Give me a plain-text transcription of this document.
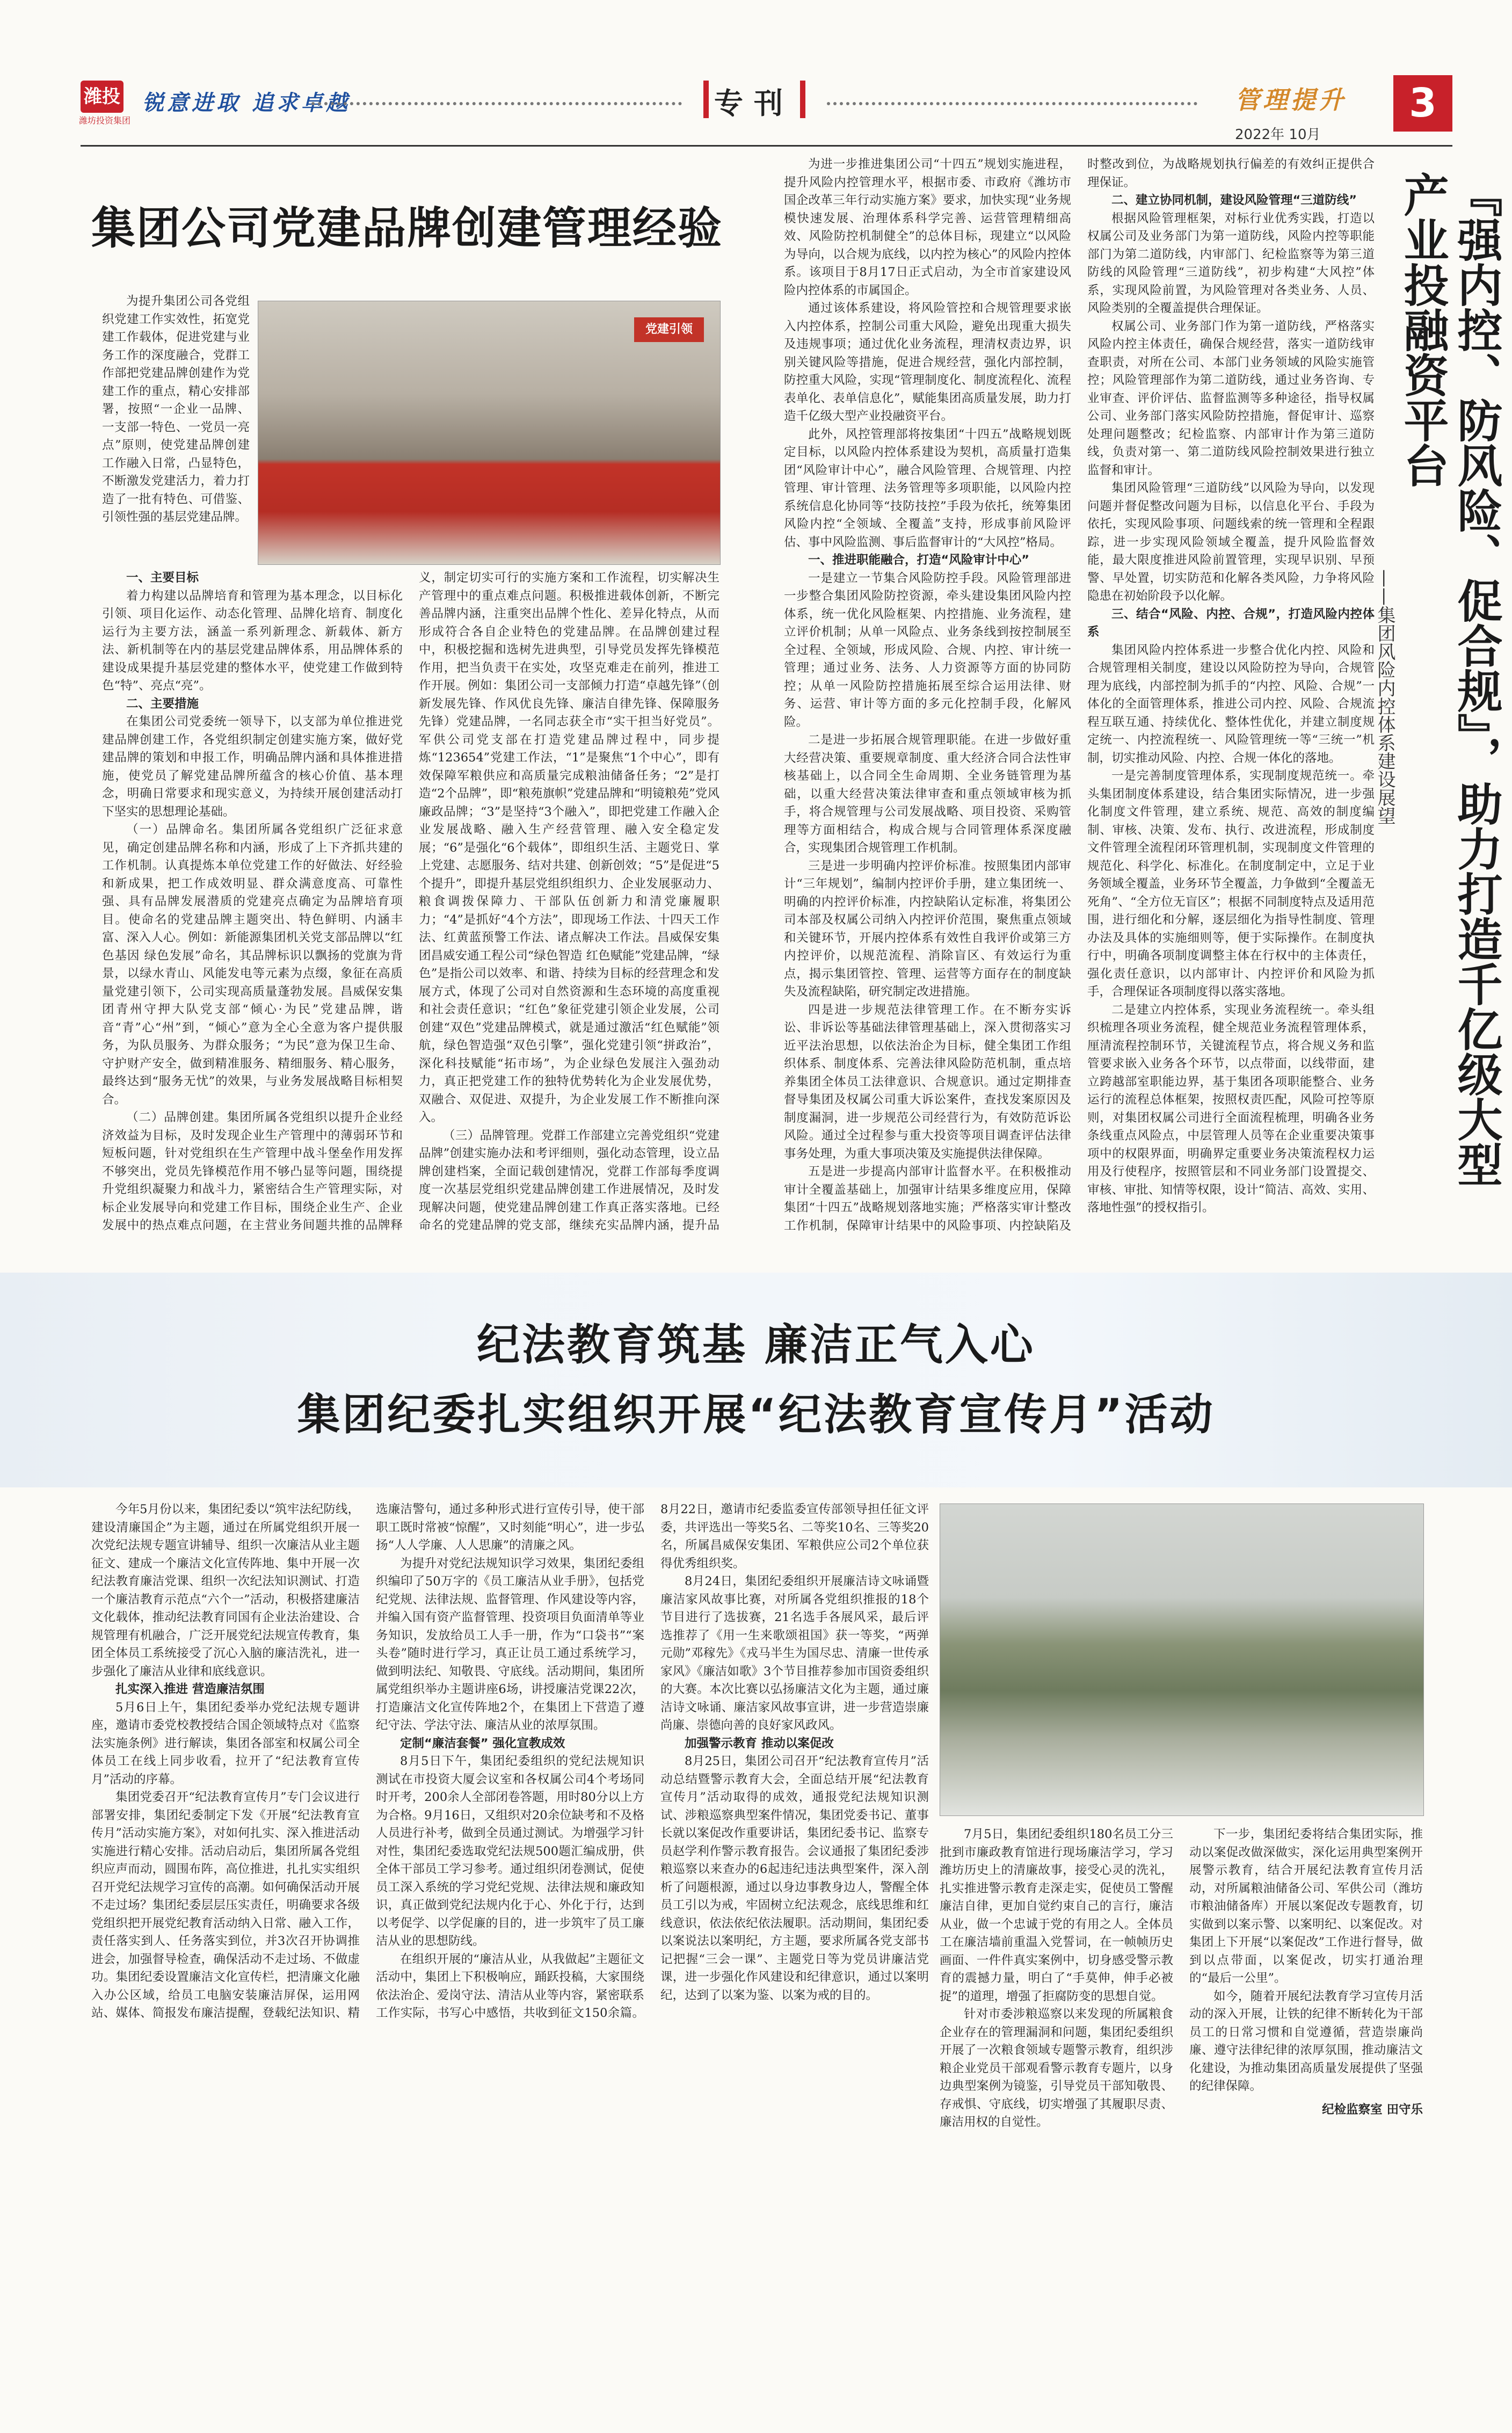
潍投
潍坊投资集团
锐意进取 追求卓越	专刊	管理提升	3
2022年 10月
集团公司党建品牌创建管理经验
党建引领

为提升集团公司各党组织党建工作实效性，拓宽党建工作载体，促进党建与业务工作的深度融合，党群工作部把党建品牌创建作为党建工作的重点，精心安排部署，按照“一企业一品牌、一支部一特色、一党员一亮点”原则，使党建品牌创建工作融入日常，凸显特色，不断激发党建活力，着力打造了一批有特色、可借鉴、引领性强的基层党建品牌。

一、主要目标

着力构建以品牌培育和管理为基本理念，以目标化引领、项目化运作、动态化管理、品牌化培育、制度化运行为主要方法，涵盖一系列新理念、新载体、新方法、新机制等在内的基层党建品牌体系，用品牌体系的建设成果提升基层党建的整体水平，使党建工作做到特色“特”、亮点“亮”。

二、主要措施

在集团公司党委统一领导下，以支部为单位推进党建品牌创建工作，各党组织制定创建实施方案，做好党建品牌的策划和申报工作，明确品牌内涵和具体推进措施，使党员了解党建品牌所蕴含的核心价值、基本理念，明确日常要求和现实意义，为持续开展创建活动打下坚实的思想理论基础。

（一）品牌命名。集团所属各党组织广泛征求意见，确定创建品牌名称和内涵，形成了上下齐抓共建的工作机制。认真提炼本单位党建工作的好做法、好经验和新成果，把工作成效明显、群众满意度高、可靠性强、具有品牌发展潜质的党建亮点确定为品牌培育项目。使命名的党建品牌主题突出、特色鲜明、内涵丰富、深入人心。例如：新能源集团机关党支部品牌以“红色基因 绿色发展”命名，其品牌标识以飘扬的党旗为背景，以绿水青山、风能发电等元素为点缀，象征在高质量党建引领下，公司实现高质量蓬勃发展。昌威保安集团青州守押大队党支部“倾心·为民”党建品牌，谐音“青”心“州”到，“倾心”意为全心全意为客户提供服务，为队员服务、为群众服务；“为民”意为保卫生命、守护财产安全，做到精准服务、精细服务、精心服务，最终达到“服务无忧”的效果，与业务发展战略目标相契合。

（二）品牌创建。集团所属各党组织以提升企业经济效益为目标，及时发现企业生产管理中的薄弱环节和短板问题，针对党组织在生产管理中战斗堡垒作用发挥不够突出，党员先锋模范作用不够凸显等问题，围绕提升党组织凝聚力和战斗力，紧密结合生产管理实际，对标企业发展导向和党建工作目标，围绕企业生产、企业发展中的热点难点问题，在主营业务间题共推的品牌释义，制定切实可行的实施方案和工作流程，切实解决生产管理中的重点难点问题。积极推进载体创新，不断完善品牌内涵，注重突出品牌个性化、差异化特点，从而形成符合各自企业特色的党建品牌。在品牌创建过程中，积极挖掘和选树先进典型，引导党员发挥先锋模范作用，把当负责干在实处，攻坚克难走在前列，推进工作开展。例如：集团公司一支部倾力打造“卓越先锋”（创新发展先锋、作风优良先锋、廉洁自律先锋、保障服务先锋）党建品牌，一名同志获全市“实干担当好党员”。军供公司党支部在打造党建品牌过程中，同步提炼“123654”党建工作法，“1”是聚焦“1个中心”，即有效保障军粮供应和高质量完成粮油储备任务；“2”是打造“2个品牌”，即“粮苑旗帜”党建品牌和“明镜粮苑”党风廉政品牌；“3”是坚持“3个融入”，即把党建工作融入企业发展战略、融入生产经营管理、融入安全稳定发展；“6”是强化“6个载体”，即组织生活、主题党日、掌上党建、志愿服务、结对共建、创新创效；“5”是促进“5个提升”，即提升基层党组织组织力、企业发展驱动力、粮食调拨保障力、干部队伍创新力和清党廉履职力；“4”是抓好“4个方法”，即现场工作法、十四天工作法、红黄蓝预警工作法、诸点解决工作法。昌威保安集团昌威安通工程公司“绿色智造 红色赋能”党建品牌，“绿色”是指公司以效率、和谐、持续为目标的经营理念和发展方式，体现了公司对自然资源和生态环境的高度重视和社会责任意识；“红色”象征党建引领企业发展，公司创建“双色”党建品牌模式，就是通过激活“红色赋能”领航，绿色智造强“双色引擎”，强化党建引领“拼政治”，深化科技赋能“拓市场”，为企业绿色发展注入强劲动力，真正把党建工作的独特优势转化为企业发展优势，双融合、双促进、双提升，为企业发展工作不断推向深入。

（三）品牌管理。党群工作部建立完善党组织“党建品牌”创建实施办法和考评细则，强化动态管理，设立品牌创建档案，全面记载创建情况，党群工作部每季度调度一次基层党组织党建品牌创建工作进展情况，及时发现解决问题，使党建品牌创建工作真正落实落地。已经命名的党建品牌的党支部，继续充实品牌内涵，提升品

为进一步推进集团公司“十四五”规划实施进程，提升风险内控管理水平，根据市委、市政府《潍坊市国企改革三年行动实施方案》要求，加快实现“业务规模快速发展、治理体系科学完善、运营管理精细高效、风险防控机制健全”的总体目标，现建立“以风险为导向，以合规为底线，以内控为核心”的风险内控体系。该项目于8月17日正式启动，为全市首家建设风险内控体系的市属国企。

通过该体系建设，将风险管控和合规管理要求嵌入内控体系，控制公司重大风险，避免出现重大损失及违规事项；通过优化业务流程，理清权责边界，识别关键风险等措施，促进合规经营，强化内部控制，防控重大风险，实现“管理制度化、制度流程化、流程表单化、表单信息化”，赋能集团高质量发展，助力打造千亿级大型产业投融资平台。

此外，风控管理部将按集团“十四五”战略规划既定目标，以风险内控体系建设为契机，高质量打造集团“风险审计中心”，融合风险管理、合规管理、内控管理、审计管理、法务管理等多项职能，以风险内控系统信息化协同等“技防技控”手段为依托，统筹集团风险内控“全领域、全覆盖”支持，形成事前风险评估、事中风险监测、事后监督审计的“大风控”格局。

一、推进职能融合，打造“风险审计中心”

一是建立一节集合风险防控手段。风险管理部进一步整合集团风险防控资源，牵头建设集团风险内控体系，统一优化风险框架、内控措施、业务流程，建立评价机制；从单一风险点、业务条线到按控制展至全过程、全领域，形成风险、合规、内控、审计统一管理；通过业务、法务、人力资源等方面的协同防控；从单一风险防控措施拓展至综合运用法律、财务、运营、审计等方面的多元化控制手段，化解风险。

二是进一步拓展合规管理职能。在进一步做好重大经营决策、重要规章制度、重大经济合同合法性审核基础上，以合同全生命周期、全业务链管理为基础，以重大经营决策法律审查和重点领域审核为抓手，将合规管理与公司发展战略、项目投资、采购管理等方面相结合，构成合规与合同管理体系深度融合，实现集团合规管理工作机制。

三是进一步明确内控评价标准。按照集团内部审计“三年规划”，编制内控评价手册，建立集团统一、明确的内控评价标准，内控缺陷认定标准，将集团公司本部及权属公司纳入内控评价范围，聚焦重点领域和关键环节，开展内控体系有效性自我评价或第三方内控评价，以规范流程、消除盲区、有效运行为重点，揭示集团管控、管理、运营等方面存在的制度缺失及流程缺陷，研究制定改进措施。

四是进一步规范法律管理工作。在不断夯实诉讼、非诉讼等基础法律管理基础上，深入贯彻落实习近平法治思想，以依法治企为目标，健全集团工作组织体系、制度体系、完善法律风险防范机制，重点培养集团全体员工法律意识、合规意识。通过定期排查督导集团及权属公司重大诉讼案件，查找发案原因及制度漏洞，进一步规范公司经营行为，有效防范诉讼风险。通过全过程参与重大投资等项目调查评估法律事务处理，为重大事项决策及实施提供法律保障。

五是进一步提高内部审计监督水平。在积极推动审计全覆盖基础上，加强审计结果多维度应用，保障集团“十四五”战略规划落地实施；严格落实审计整改工作机制，保障审计结果中的风险事项、内控缺陷及时整改到位，为战略规划执行偏差的有效纠正提供合理保证。

二、建立协同机制，建设风险管理“三道防线”

根据风险管理框架，对标行业优秀实践，打造以权属公司及业务部门为第一道防线，风险内控等职能部门为第二道防线，内审部门、纪检监察等为第三道防线的风险管理“三道防线”，初步构建“大风控”体系，实现风险前置，为风险管理对各类业务、人员、风险类别的全覆盖提供合理保证。

权属公司、业务部门作为第一道防线，严格落实风险内控主体责任，确保合规经营，落实一道防线审查职责，对所在公司、本部门业务领域的风险实施管控；风险管理部作为第二道防线，通过业务咨询、专业审查、评价评估、监督监测等多种途径，指导权属公司、业务部门落实风险防控措施，督促审计、巡察处理问题整改；纪检监察、内部审计作为第三道防线，负责对第一、第二道防线风险控制效果进行独立监督和审计。

集团风险管理“三道防线”以风险为导向，以发现问题并督促整改问题为目标，以信息化平台、手段为依托，实现风险事项、问题线索的统一管理和全程跟踪，进一步实现风险领域全覆盖，提升风险监督效能，最大限度推进风险前置管理，实现早识别、早预警、早处置，切实防范和化解各类风险，力争将风险隐患在初始阶段予以化解。

三、结合“风险、内控、合规”，打造风险内控体系

集团风险内控体系进一步整合优化内控、风险和合规管理相关制度，建设以风险防控为导向，合规管理为底线，内部控制为抓手的“内控、风险、合规”一体化的全面管理体系，推进公司内控、风险、合规流程互联互通、持续优化、整体性优化，并建立制度规定统一、内控流程统一、风险管理统一等“三统一”机制，切实推动风险、内控、合规一体化的落地。

一是完善制度管理体系，实现制度规范统一。牵头集团制度体系建设，结合集团实际情况，进一步强化制度文件管理，建立系统、规范、高效的制度编制、审核、决策、发布、执行、改进流程，形成制度文件管理全流程闭环管理机制，实现制度文件管理的规范化、科学化、标准化。在制度制定中，立足于业务领域全覆盖，业务环节全覆盖，力争做到“全覆盖无死角”、“全方位无盲区”；根据不同制度特点及适用范围，进行细化和分解，逐层细化为指导性制度、管理办法及具体的实施细则等，便于实际操作。在制度执行中，明确各项制度调整主体在行权中的主体责任，强化责任意识，以内部审计、内控评价和风险为抓手，合理保证各项制度得以落实落地。

二是建立内控体系，实现业务流程统一。牵头组织梳理各项业务流程，健全规范业务流程管理体系，厘清流程控制环节，关键流程节点，将合规义务和监管要求嵌入业务各个环节，以点带面，以线带面，建立跨越部室职能边界，基于集团各项职能整合、业务运行的流程总体框架，按照权责匹配，风险可控等原则，对集团权属公司进行全面流程梳理，明确各业务条线重点风险点，中层管理人员等在企业重要决策事项中的权限界面，明确界定重要业务决策流程权力运用及行使程序，按照管层和不同业务部门设置提交、审核、审批、知情等权限，设计“简洁、高效、实用、落地性强”的授权指引。

『强内控、防风险、促合规』，助力打造千亿级大型产业投融资平台
——集团风险内控体系建设展望
纪法教育筑基 廉洁正气入心
集团纪委扎实组织开展“纪法教育宣传月”活动

今年5月份以来，集团纪委以“筑牢法纪防线，建设清廉国企”为主题，通过在所属党组织开展一次党纪法规专题宣讲辅导、组织一次廉洁从业主题征文、建成一个廉洁文化宣传阵地、集中开展一次纪法教育廉洁党课、组织一次纪法知识测试、打造一个廉洁教育示范点“六个一”活动，积极搭建廉洁文化载体，推动纪法教育同国有企业法治建设、合规管理有机融合，广泛开展党纪法规宣传教育，集团全体员工系统接受了沉心入脑的廉洁洗礼，进一步强化了廉洁从业律和底线意识。

扎实深入推进 营造廉洁氛围

5月6日上午，集团纪委举办党纪法规专题讲座，邀请市委党校教授结合国企领域特点对《监察法实施条例》进行解读，集团各部室和权属公司全体员工在线上同步收看，拉开了“纪法教育宣传月”活动的序幕。

集团党委召开“纪法教育宣传月”专门会议进行部署安排，集团纪委制定下发《开展“纪法教育宣传月”活动实施方案》，对如何扎实、深入推进活动实施进行精心安排。活动启动后，集团所属各党组织应声而动，圆围布阵，高位推进，扎扎实实组织召开党纪法规学习宣传的高潮。如何确保活动开展不走过场？集团纪委层层压实责任，明确要求各级党组织把开展党纪教育活动纳入日常、融入工作，责任落实到人、任务落实到位，并3次召开协调推进会，加强督导检查，确保活动不走过场、不做虚功。集团纪委设置廉洁文化宣传栏，把清廉文化融入办公区域，给员工电脑安装廉洁屏保，运用网站、媒体、简报发布廉洁提醒，登载纪法知识、精选廉洁警句，通过多种形式进行宣传引导，使干部职工既时常被“惊醒”，又时刻能“明心”，进一步弘扬“人人学廉、人人思廉”的清廉之风。

为提升对党纪法规知识学习效果，集团纪委组织编印了50万字的《员工廉洁从业手册》，包括党纪党规、法律法规、监督管理、作风建设等内容，并编入国有资产监督管理、投资项目负面清单等业务知识，发放给员工人手一册，作为“口袋书”“案头卷”随时进行学习，真正让员工通过系统学习，做到明法纪、知敬畏、守底线。活动期间，集团所属党组织举办主题讲座6场，讲授廉洁党课22次，打造廉洁文化宣传阵地2个，在集团上下营造了遵纪守法、学法守法、廉洁从业的浓厚氛围。

定制“廉洁套餐” 强化宣教成效

8月5日下午，集团纪委组织的党纪法规知识测试在市投资大厦会议室和各权属公司4个考场同时开考，200余人全部闭卷答题，用时80分以上方为合格。9月16日，又组织对20余位缺考和不及格人员进行补考，做到全员通过测试。为增强学习针对性，集团纪委选取党纪法规500题汇编成册，供全体干部员工学习参考。通过组织闭卷测试，促使员工深入系统的学习党纪党规、法律法规和廉政知识，真正做到党纪法规内化于心、外化于行，达到以考促学、以学促廉的目的，进一步筑牢了员工廉洁从业的思想防线。

在组织开展的“廉洁从业，从我做起”主题征文活动中，集团上下积极响应，踊跃投稿，大家围绕依法治企、爱岗守法、清洁从业等内容，紧密联系工作实际，书写心中感悟，共收到征文150余篇。8月22日，邀请市纪委监委宣传部领导担任征文评委，共评选出一等奖5名、二等奖10名、三等奖20名，所属昌威保安集团、军粮供应公司2个单位获得优秀组织奖。

8月24日，集团纪委组织开展廉洁诗文咏诵暨廉洁家风故事比赛，对所属各党组织推报的18个节目进行了选拔赛，21名选手各展风采，最后评选推荐了《用一生来歌颂祖国》获一等奖，“两弹元勋”邓稼先》《戎马半生为国尽忠、清廉一世传承家风》《廉洁如歌》3个节目推荐参加市国资委组织的大赛。本次比赛以弘扬廉洁文化为主题，通过廉洁诗文咏诵、廉洁家风故事宣讲，进一步营造崇廉尚廉、崇德向善的良好家风政风。

加强警示教育 推动以案促改

8月25日，集团公司召开“纪法教育宣传月”活动总结暨警示教育大会，全面总结开展“纪法教育宣传月”活动取得的成效，通报党纪法规知识测试、涉粮巡察典型案件情况，集团党委书记、董事长就以案促改作重要讲话，集团纪委书记、监察专员赵学利作警示教育报告。会议通报了集团纪委涉粮巡察以来查办的6起违纪违法典型案件，深入剖析了问题根源，通过以身边事教身边人，警醒全体员工引以为戒，牢固树立纪法观念，底线思维和红线意识，依法依纪依法履职。活动期间，集团纪委以案说法以案明纪，方主题，要求所属各党支部书记把握“三会一课”、主题党日等为党员讲廉洁党课，进一步强化作风建设和纪律意识，通过以案明纪，达到了以案为鉴、以案为戒的目的。

7月5日，集团纪委组织180名员工分三批到市廉政教育馆进行现场廉洁学习，学习潍坊历史上的清廉故事，接受心灵的洗礼，扎实推进警示教育走深走实，促使员工警醒廉洁自律，更加自觉约束自己的言行，廉洁从业，做一个忠诚于党的有用之人。全体员工在廉洁墙前重温入党誓词，在一帧帧历史画面、一件件真实案例中，切身感受警示教育的震撼力量，明白了“手莫伸，伸手必被捉”的道理，增强了拒腐防变的思想自觉。

针对市委涉粮巡察以来发现的所属粮食企业存在的管理漏洞和问题，集团纪委组织开展了一次粮食领域专题警示教育，组织涉粮企业党员干部观看警示教育专题片，以身边典型案例为镜鉴，引导党员干部知敬畏、存戒惧、守底线，切实增强了其履职尽责、廉洁用权的自觉性。

下一步，集团纪委将结合集团实际，推动以案促改做深做实，深化运用典型案例开展警示教育，结合开展纪法教育宣传月活动，对所属粮油储备公司、军供公司（潍坊市粮油储备库）开展以案促改专题教育，切实做到以案示警、以案明纪、以案促改。对集团上下开展“以案促改”工作进行督导，做到以点带面，以案促改，切实打通治理的“最后一公里”。

如今，随着开展纪法教育学习宣传月活动的深入开展，让铁的纪律不断转化为干部员工的日常习惯和自觉遵循，营造崇廉尚廉、遵守法律纪律的浓厚氛围，推动廉洁文化建设，为推动集团高质量发展提供了坚强的纪律保障。

纪检监察室 田守乐
